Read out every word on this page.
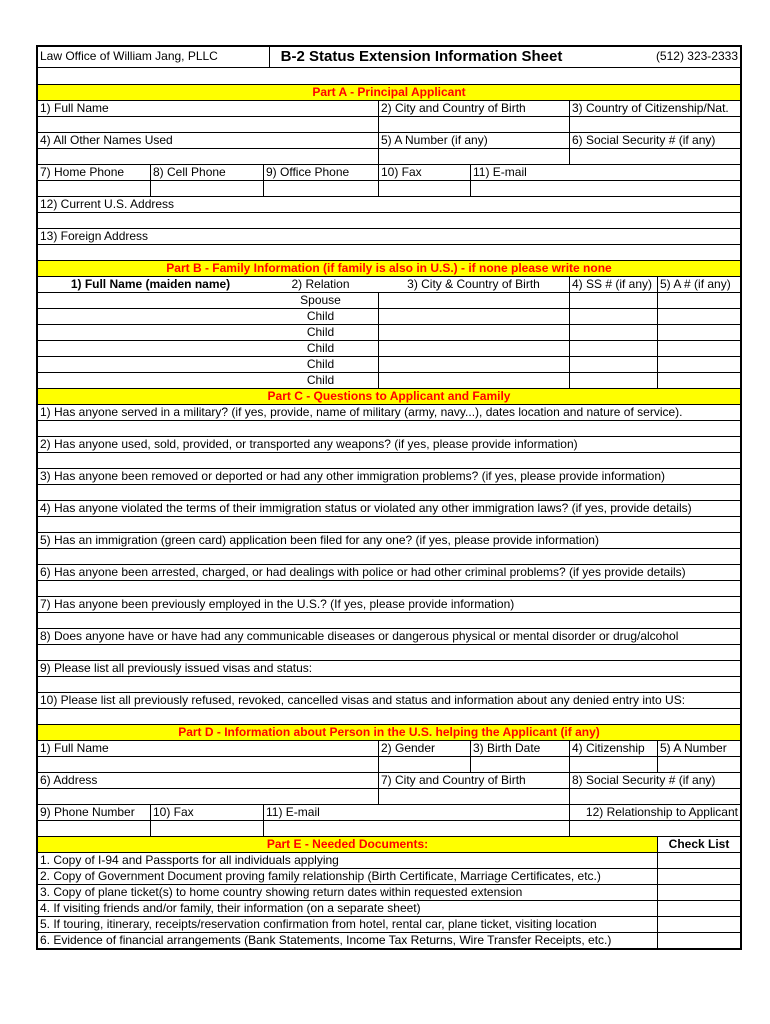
Law Office of William Jang, PLLC	B-2 Status Extension Information Sheet	(512) 323-2333
Part A - Principal Applicant
1) Full Name	2) City and Country of Birth	3) Country of Citizenship/Nat.
4) All Other Names Used	5) A Number (if any)	6) Social Security # (if any)
7) Home Phone	8) Cell Phone	9) Office Phone	10) Fax	11) E-mail
12) Current U.S. Address
13) Foreign Address
Part B - Family Information (if family is also in U.S.) - if none please write none
1) Full Name (maiden name)	2) Relation	3) City & Country of Birth	4) SS # (if any) 5) A # (if any)
Spouse
Child
Child
Child
Child
Child
Part C - Questions to Applicant and Family
1) Has anyone served in a military? (if yes, provide, name of military (army, navy...), dates location and nature of service).
2) Has anyone used, sold, provided, or transported any weapons? (if yes, please provide information)
3) Has anyone been removed or deported or had any other immigration problems? (if yes, please provide information)
4) Has anyone violated the terms of their immigration status or violated any other immigration laws? (if yes, provide details)
5) Has an immigration (green card) application been filed for any one? (if yes, please provide information)
6) Has anyone been arrested, charged, or had dealings with police or had other criminal problems? (if yes provide details)
7) Has anyone been previously employed in the U.S.? (If yes, please provide information)
8) Does anyone have or have had any communicable diseases or dangerous physical or mental disorder or drug/alcohol
9) Please list all previously issued visas and status:
10) Please list all previously refused, revoked, cancelled visas and status and information about any denied entry into US:
Part D - Information about Person in the U.S. helping the Applicant (if any)
1) Full Name	2) Gender	3) Birth Date	4) Citizenship	5) A Number
6) Address	7) City and Country of Birth	8) Social Security # (if any)
9) Phone Number	10) Fax	11) E-mail	12) Relationship to Applicant
Part E - Needed Documents:	Check List
1. Copy of I-94 and Passports for all individuals applying
2. Copy of Government Document proving family relationship (Birth Certificate, Marriage Certificates, etc.)
3. Copy of plane ticket(s) to home country showing return dates within requested extension
4. If visiting friends and/or family, their information (on a separate sheet)
5. If touring, itinerary, receipts/reservation confirmation from hotel, rental car, plane ticket, visiting location
6. Evidence of financial arrangements (Bank Statements, Income Tax Returns, Wire Transfer Receipts, etc.)
